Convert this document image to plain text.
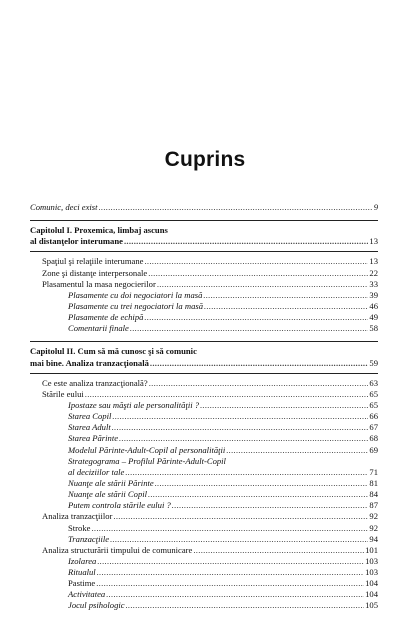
Cuprins
Comunic, deci exist .....	9
Capitolul I. Proxemica, limbaj ascuns
al distanţelor interumane .....	13
Spaţiul şi relaţiile interumane .....	13
Zone şi distanţe interpersonale .....	22
Plasamentul la masa negocierilor .....	33
Plasamente cu doi negociatori la masă .....	39
Plasamente cu trei negociatori la masă .....	46
Plasamente de echipă .....	49
Comentarii finale .....	58
Capitolul II. Cum să mă cunosc şi să comunic
mai bine. Analiza tranzacţională .....	59
Ce este analiza tranzacţională? .....	63
Stările eului .....	65
Ipostaze sau măşti ale personalităţii ? .....	65
Starea Copil .....	66
Starea Adult .....	67
Starea Părinte .....	68
Modelul Părinte-Adult-Copil al personalităţii .....	69
Strategograma – Profilul Părinte-Adult-Copil
al deciziilor tale .....	71
Nuanţe ale stării Părinte .....	81
Nuanţe ale stării Copil .....	84
Putem controla stările eului ? .....	87
Analiza tranzacţiilor .....	92
Stroke .....	92
Tranzacţiile .....	94
Analiza structurării timpului de comunicare .....	101
Izolarea .....	103
Ritualul .....	103
Pastime .....	104
Activitatea .....	104
Jocul psihologic .....	105
